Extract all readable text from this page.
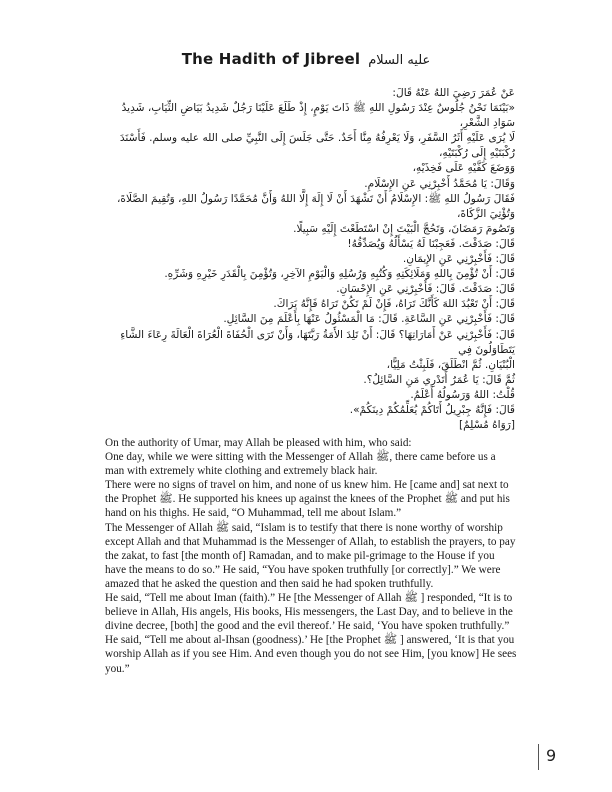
The Hadith of Jibreel عليه السلام
عَنْ عُمَرَ رَضِيَ اللهُ عَنْهُ قَالَ:
«بَيْنَمَا نَحْنُ جُلُوسٌ عِنْدَ رَسُولِ اللهِ ﷺ ذَاتَ يَوْمٍ، إِذْ طَلَعَ عَلَيْنَا رَجُلٌ شَدِيدُ بَيَاضِ الثِّيَابِ، شَدِيدُ سَوَادِ الشَّعْرِ،
لَا يُرَى عَلَيْهِ أَثَرُ السَّفَرِ، وَلَا يَعْرِفُهُ مِنَّا أَحَدٌ. حَتَّى جَلَسَ إِلَى النَّبِيِّ صلى الله عليه وسلم. فَأَسْنَدَ رُكْبَتَيْهِ إِلَى رُكْبَتَيْهِ،
وَوَضَعَ كَفَّيْهِ عَلَى فَخِذَيْهِ،
وَقَالَ: يَا مُحَمَّدُ أَخْبِرْنِي عَنِ الإِسْلَامِ.
فَقَالَ رَسُولُ اللهِ ﷺ: الإِسْلَامُ أَنْ تَشْهَدَ أَنْ لَا إِلَهَ إِلَّا اللهُ وَأَنَّ مُحَمَّدًا رَسُولُ اللهِ، وَتُقِيمَ الصَّلَاةَ، وَتُؤْتِيَ الزَّكَاةَ،
وَتَصُومَ رَمَضَانَ، وَتَحُجَّ الْبَيْتَ إِنْ اسْتَطَعْتَ إِلَيْهِ سَبِيلًا.
قَالَ: صَدَقْتَ. فَعَجِبْنَا لَهُ يَسْأَلُهُ وَيُصَدِّقُهُ!
قَالَ: فَأَخْبِرْنِي عَنِ الإِيمَانِ.
قَالَ: أَنْ تُؤْمِنَ بِاللهِ وَمَلَائِكَتِهِ وَكُتُبِهِ وَرُسُلِهِ وَالْيَوْمِ الآخِرِ، وَتُؤْمِنَ بِالْقَدَرِ خَيْرِهِ وَشَرِّهِ.
قَالَ: صَدَقْتَ. قَالَ: فَأَخْبِرْنِي عَنِ الإِحْسَانِ.
قَالَ: أَنْ تَعْبُدَ اللهَ كَأَنَّكَ تَرَاهُ، فَإِنْ لَمْ تَكُنْ تَرَاهُ فَإِنَّهُ يَرَاكَ.
قَالَ: فَأَخْبِرْنِي عَنِ السَّاعَةِ. قَالَ: مَا الْمَسْئُولُ عَنْهَا بِأَعْلَمَ مِنَ السَّائِلِ.
قَالَ: فَأَخْبِرْنِي عَنْ أَمَارَاتِهَا؟ قَالَ: أَنْ تَلِدَ الأَمَةُ رَبَّتَهَا، وَأَنْ تَرَى الْحُفَاةَ الْعُرَاةَ الْعَالَةَ رِعَاءَ الشَّاءِ يَتَطَاوَلُونَ فِي
الْبُنْيَانِ. ثُمَّ انْطَلَقَ، فَلَبِثْتُ مَلِيًّا،
ثُمَّ قَالَ: يَا عُمَرُ أَتَدْرِي مَنِ السَّائِلُ؟.
قُلْتُ: اللهُ وَرَسُولُهُ أَعْلَمُ.
قَالَ: فَإِنَّهُ جِبْرِيلُ أَتَاكُمْ يُعَلِّمُكُمْ دِينَكُمْ».
[رَوَاهُ مُسْلِمٌ]

On the authority of Umar, may Allah be pleased with him, who said:

One day, while we were sitting with the Messenger of Allah ﷺ, there came before us a man with extremely white clothing and extremely black hair.

There were no signs of travel on him, and none of us knew him. He [came and] sat next to the Prophet ﷺ. He supported his knees up against the knees of the Prophet ﷺ and put his hand on his thighs. He said, “O Muhammad, tell me about Islam.”

The Messenger of Allah ﷺ said, “Islam is to testify that there is none worthy of worship except Allah and that Muhammad is the Messenger of Allah, to establish the prayers, to pay the zakat, to fast [the month of] Ramadan, and to make pil-grimage to the House if you have the means to do so.” He said, “You have spoken truthfully [or correctly].” We were amazed that he asked the question and then said he had spoken truthfully.

He said, “Tell me about Iman (faith).” He [the Messenger of Allah ﷺ ] responded, “It is to believe in Allah, His angels, His books, His messengers, the Last Day, and to believe in the divine decree, [both] the good and the evil thereof.’ He said, ‘You have spoken truthfully.”

He said, “Tell me about al-Ihsan (goodness).’ He [the Prophet ﷺ ] answered, ‘It is that you worship Allah as if you see Him. And even though you do not see Him, [you know] He sees you.”

9
